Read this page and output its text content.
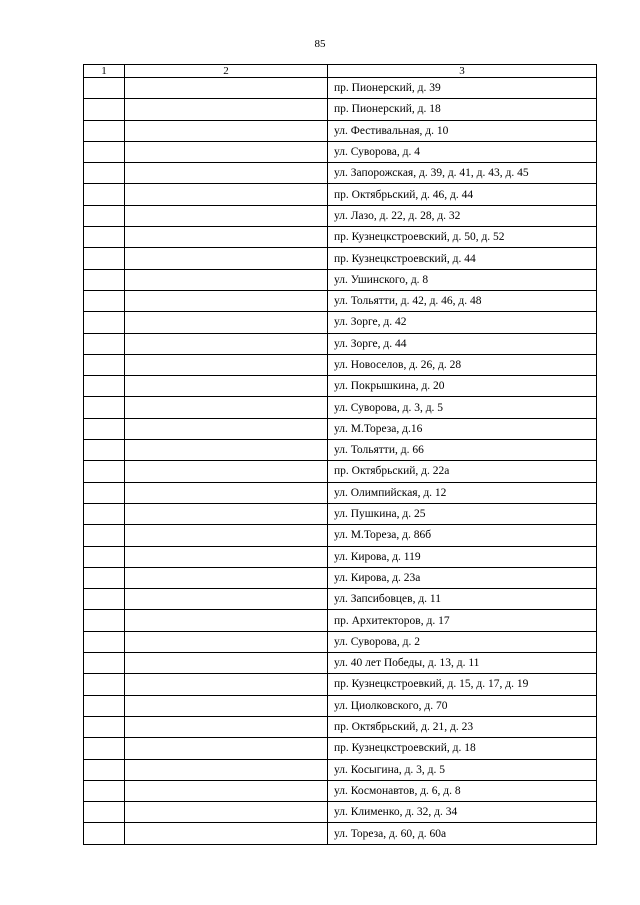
85
1	2	3
		пр. Пионерский, д. 39
		пр. Пионерский, д. 18
		ул. Фестивальная, д. 10
		ул. Суворова, д. 4
		ул. Запорожская, д. 39, д. 41, д. 43, д. 45
		пр. Октябрьский, д. 46, д. 44
		ул. Лазо, д. 22, д. 28, д. 32
		пр. Кузнецкстроевский, д. 50, д. 52
		пр. Кузнецкстроевский, д. 44
		ул. Ушинского, д. 8
		ул. Тольятти, д. 42, д. 46, д. 48
		ул. Зорге, д. 42
		ул. Зорге, д. 44
		ул. Новоселов, д. 26, д. 28
		ул. Покрышкина, д. 20
		ул. Суворова, д. 3, д. 5
		ул. М.Тореза, д.16
		ул. Тольятти, д. 66
		пр. Октябрьский, д. 22а
		ул. Олимпийская, д. 12
		ул. Пушкина, д. 25
		ул. М.Тореза, д. 86б
		ул. Кирова, д. 119
		ул. Кирова, д. 23а
		ул. Запсибовцев, д. 11
		пр. Архитекторов, д. 17
		ул. Суворова, д. 2
		ул. 40 лет Победы, д. 13, д. 11
		пр. Кузнецкстроевкий, д. 15, д. 17, д. 19
		ул. Циолковского, д. 70
		пр. Октябрьский, д. 21, д. 23
		пр. Кузнецкстроевский, д. 18
		ул. Косыгина, д. 3, д. 5
		ул. Космонавтов, д. 6, д. 8
		ул. Клименко, д. 32, д. 34
		ул. Тореза, д. 60, д. 60а
